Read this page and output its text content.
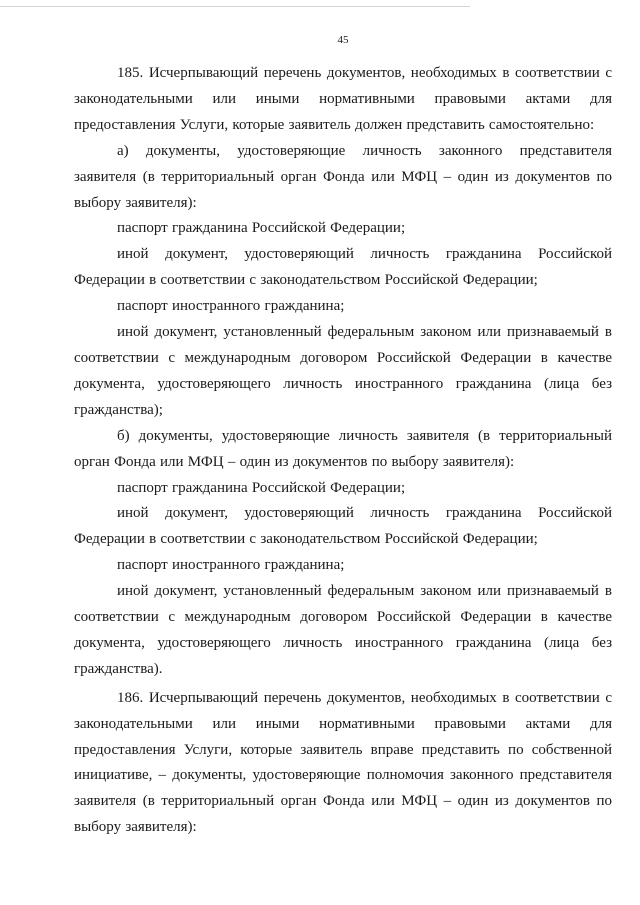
45

185. Исчерпывающий перечень документов, необходимых в соответствии с законодательными или иными нормативными правовыми актами для предоставления Услуги, которые заявитель должен представить самостоятельно:

а) документы, удостоверяющие личность законного представителя заявителя (в территориальный орган Фонда или МФЦ – один из документов по выбору заявителя):

паспорт гражданина Российской Федерации;

иной документ, удостоверяющий личность гражданина Российской Федерации в соответствии с законодательством Российской Федерации;

паспорт иностранного гражданина;

иной документ, установленный федеральным законом или признаваемый в соответствии с международным договором Российской Федерации в качестве документа, удостоверяющего личность иностранного гражданина (лица без гражданства);

б) документы, удостоверяющие личность заявителя (в территориальный орган Фонда или МФЦ – один из документов по выбору заявителя):

паспорт гражданина Российской Федерации;

иной документ, удостоверяющий личность гражданина Российской Федерации в соответствии с законодательством Российской Федерации;

паспорт иностранного гражданина;

иной документ, установленный федеральным законом или признаваемый в соответствии с международным договором Российской Федерации в качестве документа, удостоверяющего личность иностранного гражданина (лица без гражданства).

186. Исчерпывающий перечень документов, необходимых в соответствии с законодательными или иными нормативными правовыми актами для предоставления Услуги, которые заявитель вправе представить по собственной инициативе, – документы, удостоверяющие полномочия законного представителя заявителя (в территориальный орган Фонда или МФЦ – один из документов по выбору заявителя):
